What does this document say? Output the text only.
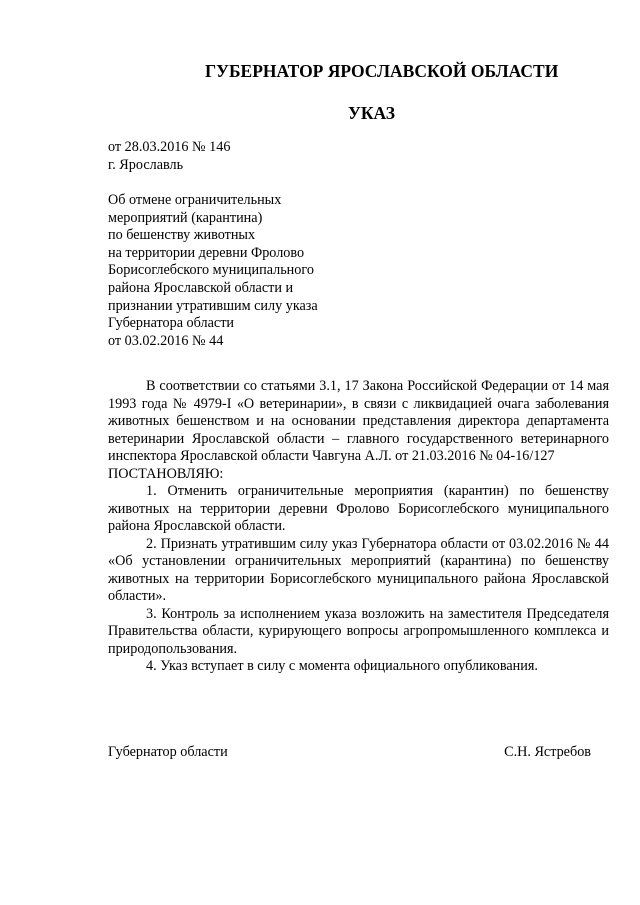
ГУБЕРНАТОР ЯРОСЛАВСКОЙ ОБЛАСТИ
УКАЗ
от 28.03.2016 № 146
г. Ярославль
Об отмене ограничительных
мероприятий (карантина)
по бешенству животных
на территории деревни Фролово
Борисоглебского муниципального
района Ярославской области и
признании утратившим силу указа
Губернатора области
от 03.02.2016 № 44

В соответствии со статьями 3.1, 17 Закона Российской Федерации от 14 мая 1993 года № 4979-I «О ветеринарии», в связи с ликвидацией очага заболевания животных бешенством и на основании представления директора департамента ветеринарии Ярославской области – главного государственного ветеринарного инспектора Ярославской области Чавгуна А.Л. от 21.03.2016 № 04-16/127

ПОСТАНОВЛЯЮ:

1. Отменить ограничительные мероприятия (карантин) по бешенству животных на территории деревни Фролово Борисоглебского муниципального района Ярославской области.

2. Признать утратившим силу указ Губернатора области от 03.02.2016 № 44 «Об установлении ограничительных мероприятий (карантина) по бешенству животных на территории Борисоглебского муниципального района Ярославской области».

3. Контроль за исполнением указа возложить на заместителя Председателя Правительства области, курирующего вопросы агропромышленного комплекса и природопользования.

4. Указ вступает в силу с момента официального опубликования.

Губернатор области	С.Н. Ястребов
